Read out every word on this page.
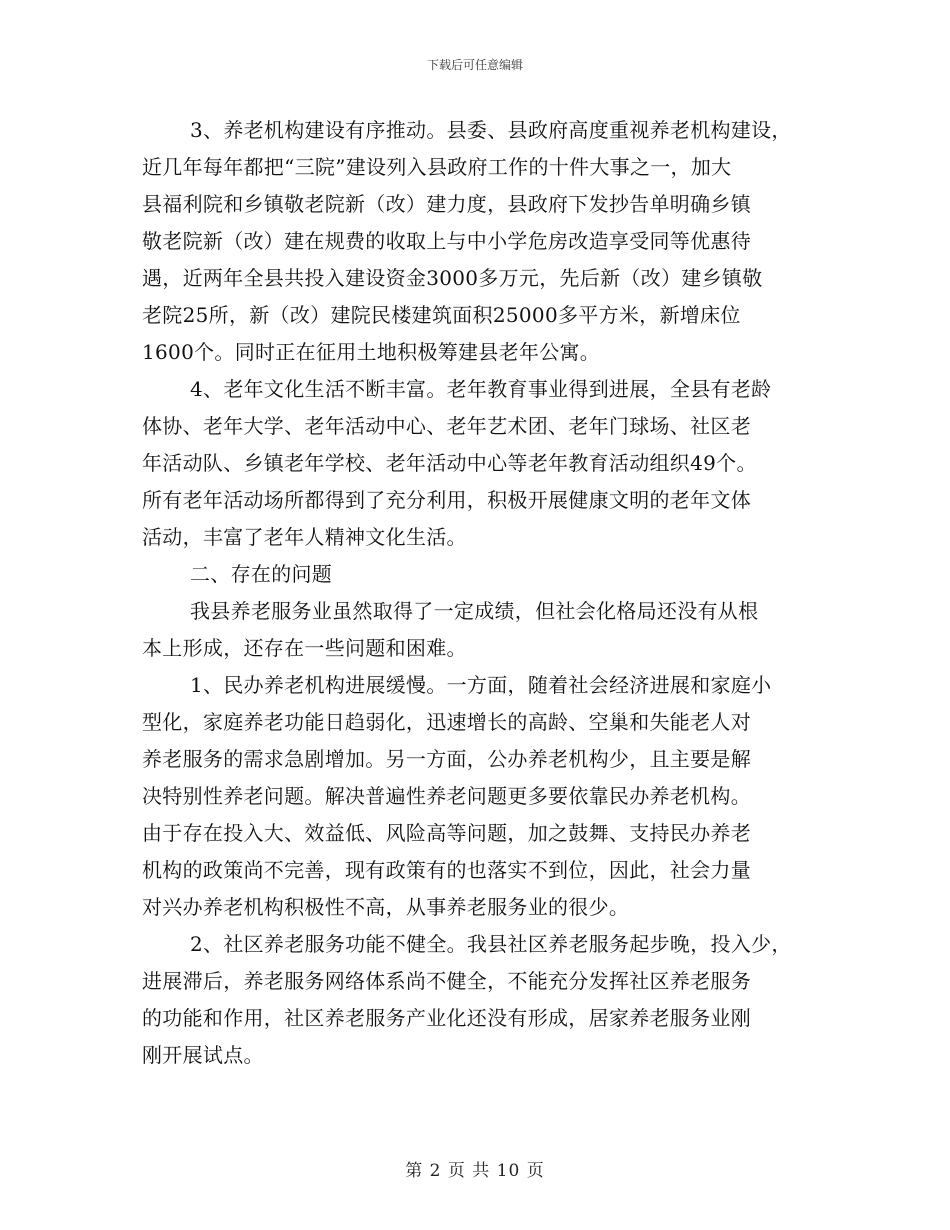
下载后可任意编辑
3、养老机构建设有序推动。县委、县政府高度重视养老机构建设，
近几年每年都把“三院”建设列入县政府工作的十件大事之一，加大
县福利院和乡镇敬老院新（改）建力度，县政府下发抄告单明确乡镇
敬老院新（改）建在规费的收取上与中小学危房改造享受同等优惠待
遇，近两年全县共投入建设资金3000多万元，先后新（改）建乡镇敬
老院25所，新（改）建院民楼建筑面积25000多平方米，新增床位
1600个。同时正在征用土地积极筹建县老年公寓。
4、老年文化生活不断丰富。老年教育事业得到进展，全县有老龄
体协、老年大学、老年活动中心、老年艺术团、老年门球场、社区老
年活动队、乡镇老年学校、老年活动中心等老年教育活动组织49个。
所有老年活动场所都得到了充分利用，积极开展健康文明的老年文体
活动，丰富了老年人精神文化生活。
二、存在的问题
我县养老服务业虽然取得了一定成绩，但社会化格局还没有从根
本上形成，还存在一些问题和困难。
1、民办养老机构进展缓慢。一方面，随着社会经济进展和家庭小
型化，家庭养老功能日趋弱化，迅速增长的高龄、空巢和失能老人对
养老服务的需求急剧增加。另一方面，公办养老机构少，且主要是解
决特别性养老问题。解决普遍性养老问题更多要依靠民办养老机构。
由于存在投入大、效益低、风险高等问题，加之鼓舞、支持民办养老
机构的政策尚不完善，现有政策有的也落实不到位，因此，社会力量
对兴办养老机构积极性不高，从事养老服务业的很少。
2、社区养老服务功能不健全。我县社区养老服务起步晚，投入少，
进展滞后，养老服务网络体系尚不健全，不能充分发挥社区养老服务
的功能和作用，社区养老服务产业化还没有形成，居家养老服务业刚
刚开展试点。
第 2 页 共 10 页
